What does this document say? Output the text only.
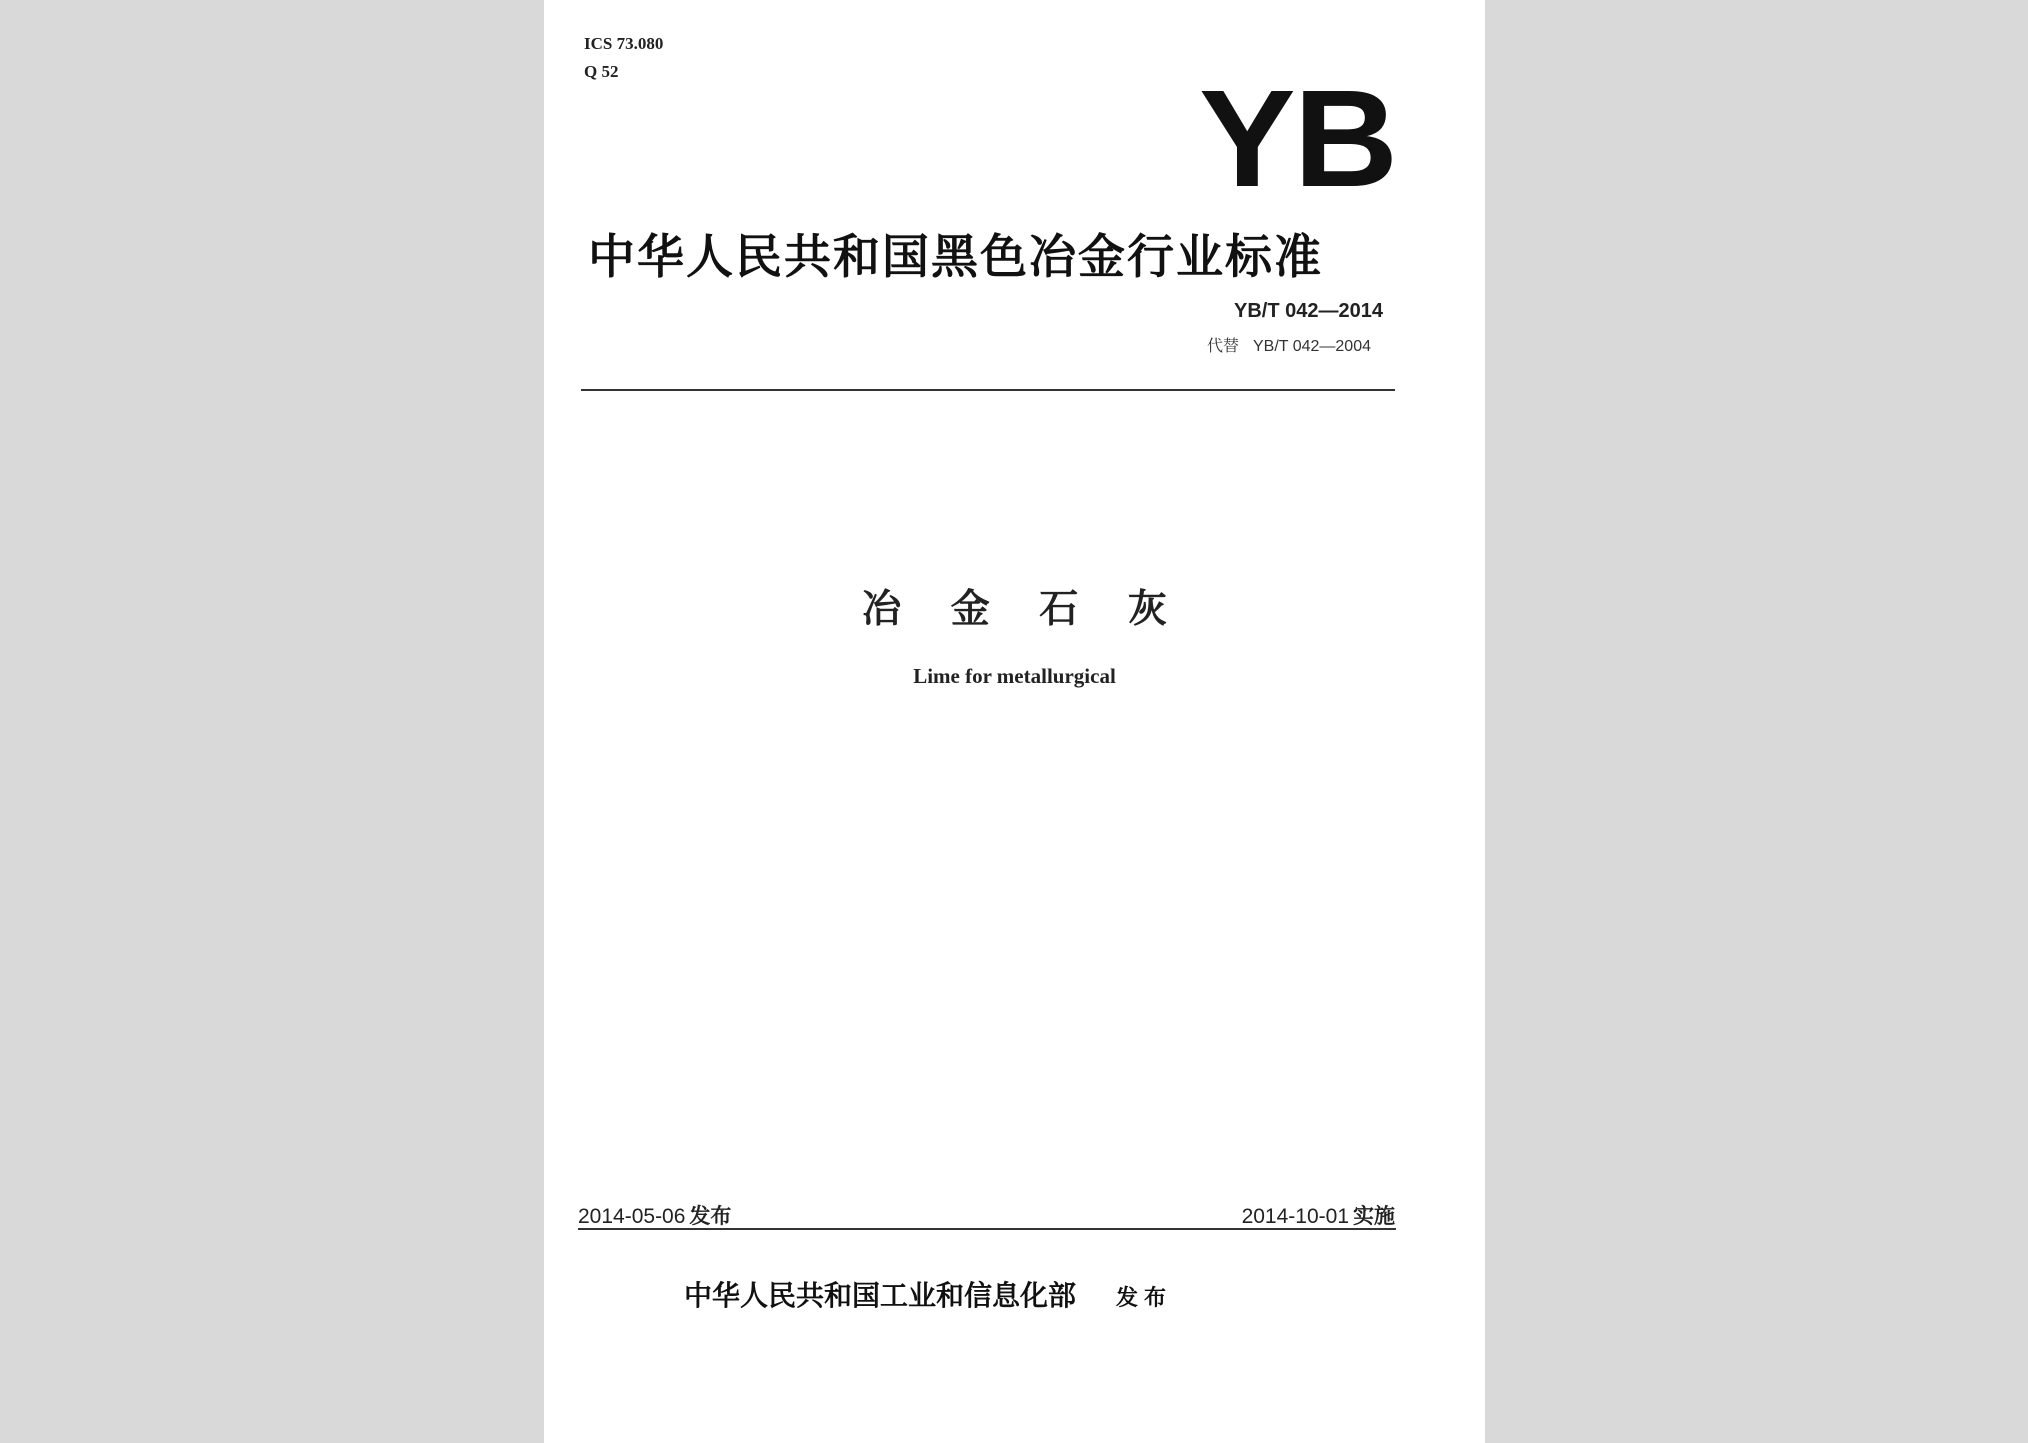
ICS 73.080

Q 52	YB

中华人民共和国黑色冶金行业标准

YB/T 042—2014

代替 YB/T 042—2004

冶 金 石 灰

Lime for metallurgical

2014-05-06 发布	2014-10-01 实施

中华人民共和国工业和信息化部 发布
